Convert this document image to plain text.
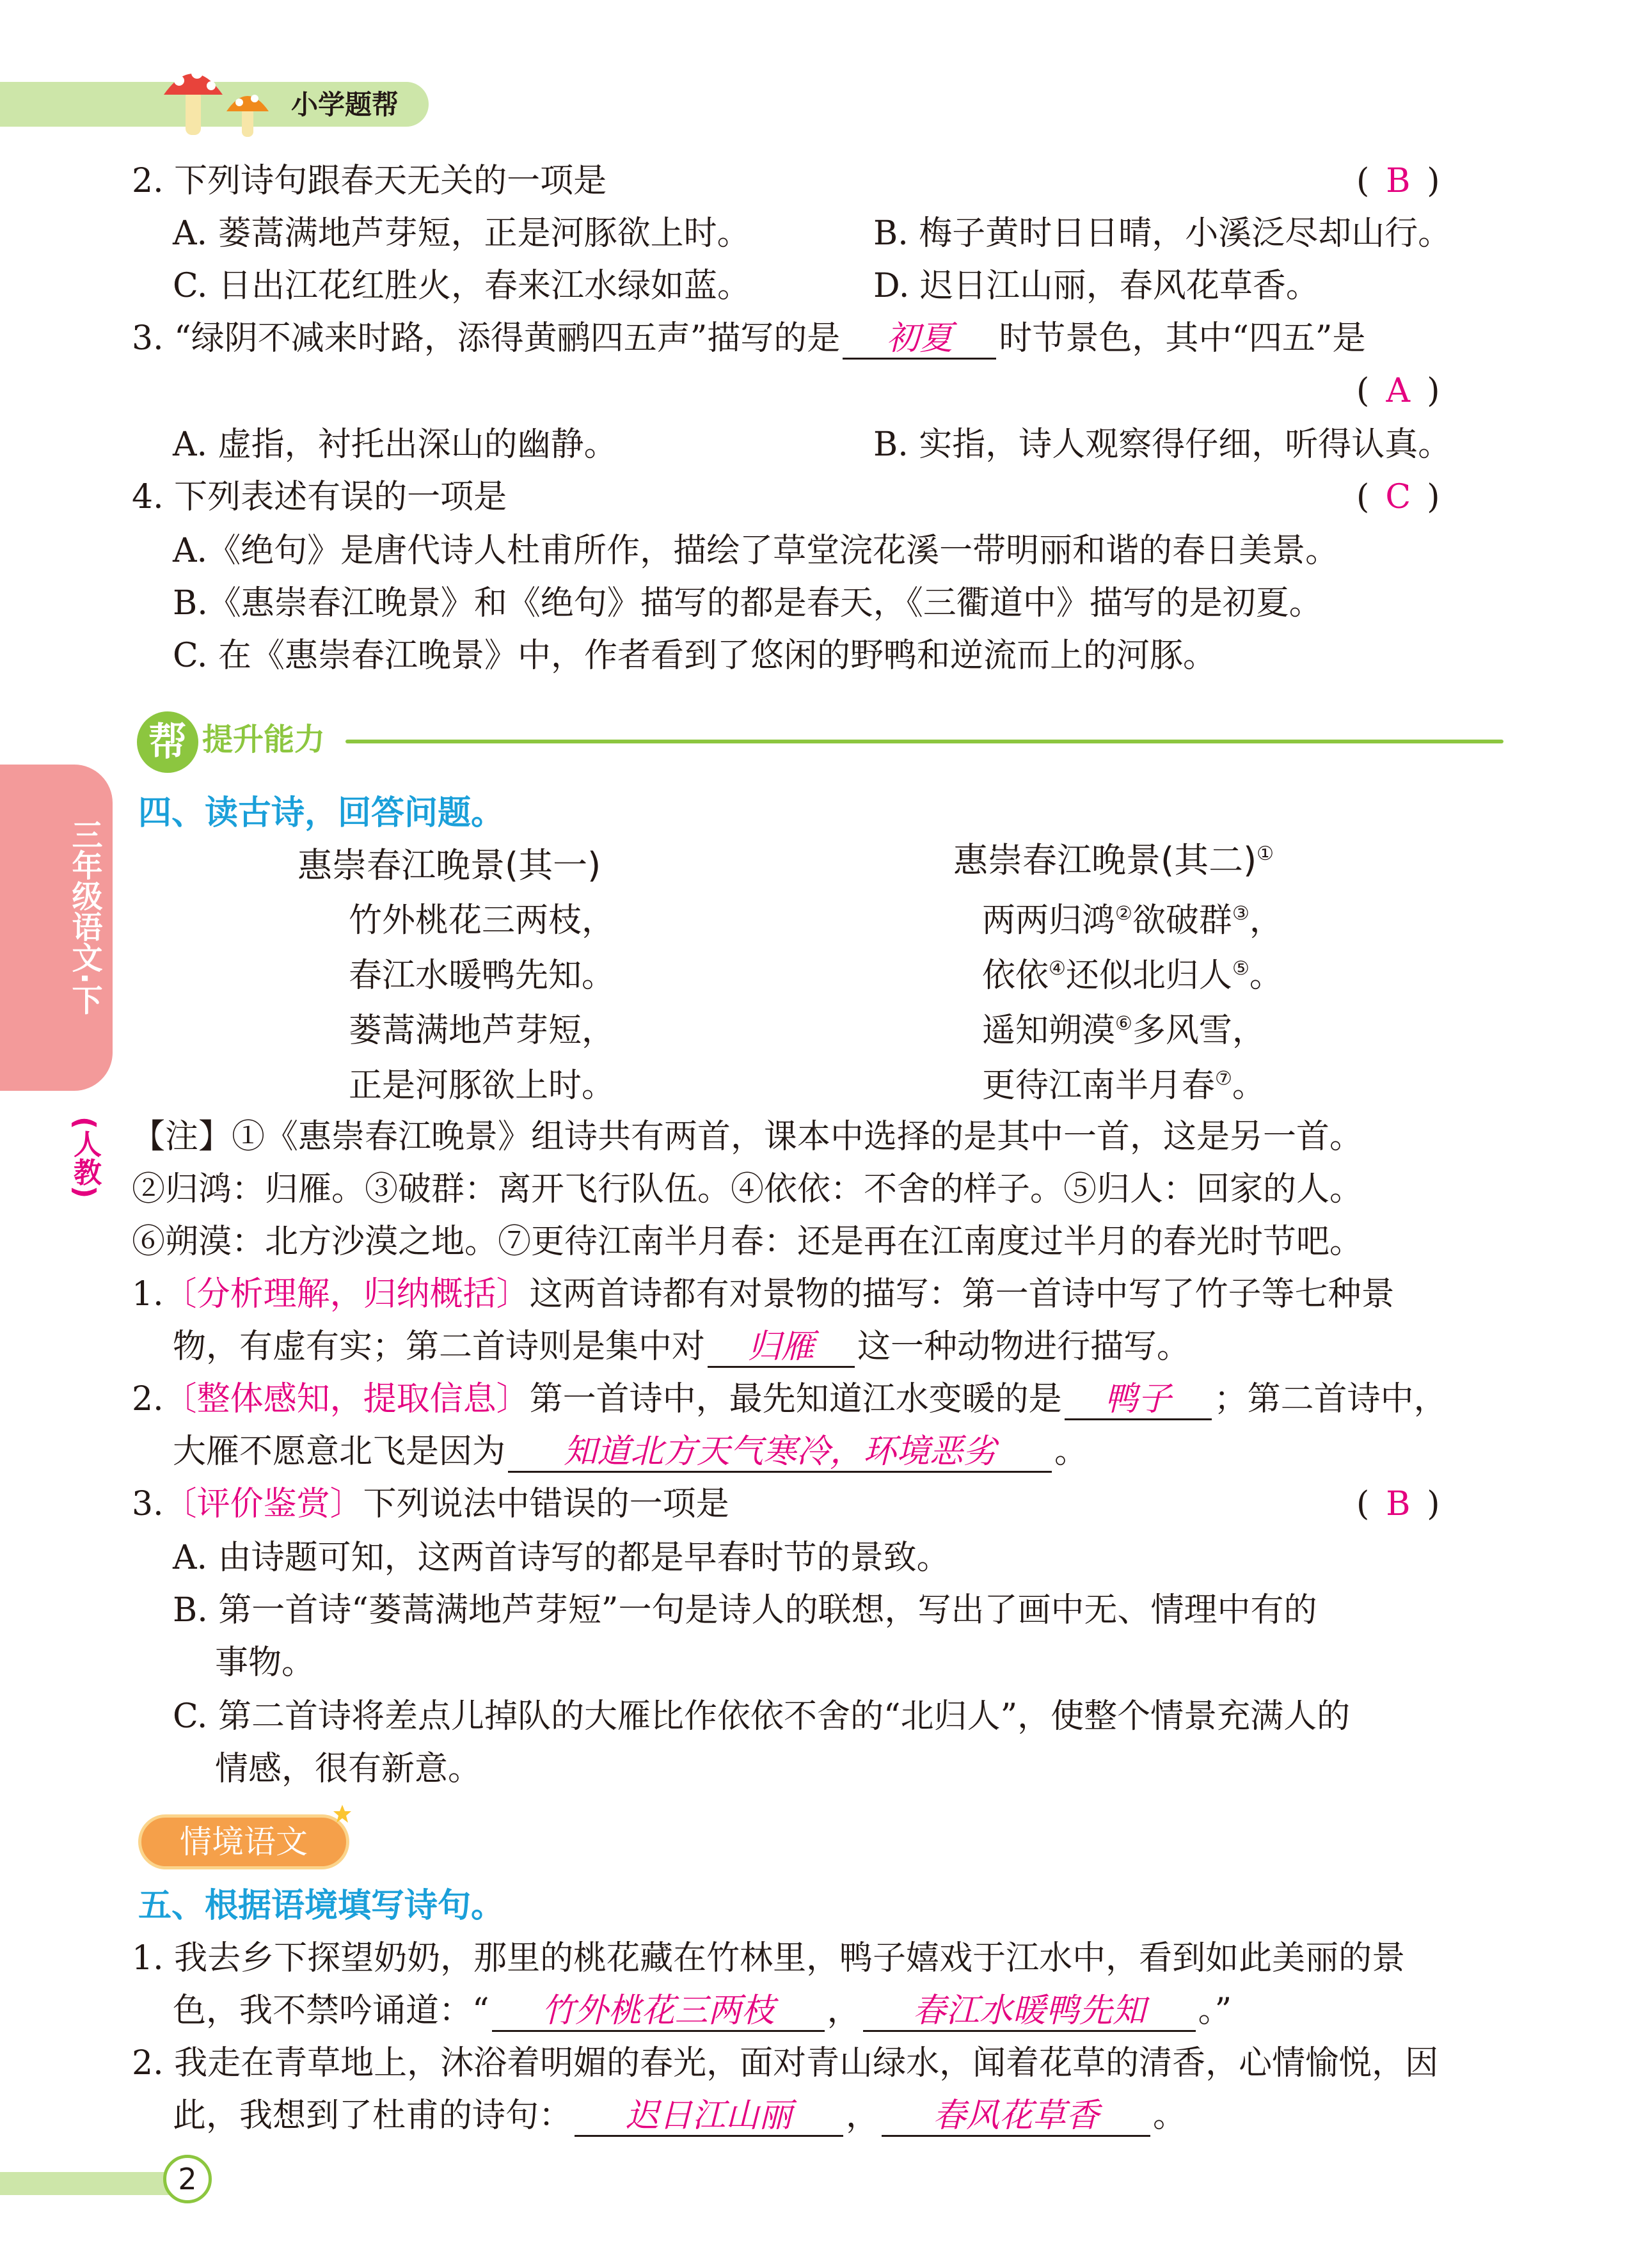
小学题帮
三年级语文·下
(人教)
2. 下列诗句跟春天无关的一项是	( B )
A. 蒌蒿满地芦芽短，正是河豚欲上时。	B. 梅子黄时日日晴，小溪泛尽却山行。
C. 日出江花红胜火，春来江水绿如蓝。	D. 迟日江山丽，春风花草香。
3. “绿阴不减来时路，添得黄鹂四五声”描写的是 初夏 时节景色，其中“四五”是
( A )
A. 虚指，衬托出深山的幽静。	B. 实指，诗人观察得仔细，听得认真。
4. 下列表述有误的一项是	( C )
A.《绝句》是唐代诗人杜甫所作，描绘了草堂浣花溪一带明丽和谐的春日美景。
B.《惠崇春江晚景》和《绝句》描写的都是春天，《三衢道中》描写的是初夏。
C. 在《惠崇春江晚景》中，作者看到了悠闲的野鸭和逆流而上的河豚。
帮 提升能力
四、读古诗，回答问题。
惠崇春江晚景(其一)
竹外桃花三两枝，
春江水暖鸭先知。
蒌蒿满地芦芽短，
正是河豚欲上时。
惠崇春江晚景(其二)①
两两归鸿②欲破群③，
依依④还似北归人⑤。
遥知朔漠⑥多风雪，
更待江南半月春⑦。
【注】①《惠崇春江晚景》组诗共有两首，课本中选择的是其中一首，这是另一首。
②归鸿：归雁。③破群：离开飞行队伍。④依依：不舍的样子。⑤归人：回家的人。
⑥朔漠：北方沙漠之地。⑦更待江南半月春：还是再在江南度过半月的春光时节吧。
1.〔分析理解，归纳概括〕这两首诗都有对景物的描写：第一首诗中写了竹子等七种景
物，有虚有实；第二首诗则是集中对 归雁 这一种动物进行描写。
2.〔整体感知，提取信息〕第一首诗中，最先知道江水变暖的是 鸭子 ；第二首诗中，
大雁不愿意北飞是因为 知道北方天气寒冷，环境恶劣 。
3.〔评价鉴赏〕下列说法中错误的一项是	( B )
A. 由诗题可知，这两首诗写的都是早春时节的景致。
B. 第一首诗“蒌蒿满地芦芽短”一句是诗人的联想，写出了画中无、情理中有的
事物。
C. 第二首诗将差点儿掉队的大雁比作依依不舍的“北归人”，使整个情景充满人的
情感，很有新意。
情境语文
五、根据语境填写诗句。
1. 我去乡下探望奶奶，那里的桃花藏在竹林里，鸭子嬉戏于江水中，看到如此美丽的景
色，我不禁吟诵道：“ 竹外桃花三两枝 ， 春江水暖鸭先知 。”
2. 我走在青草地上，沐浴着明媚的春光，面对青山绿水，闻着花草的清香，心情愉悦，因
此，我想到了杜甫的诗句： 迟日江山丽 ， 春风花草香 。
2
